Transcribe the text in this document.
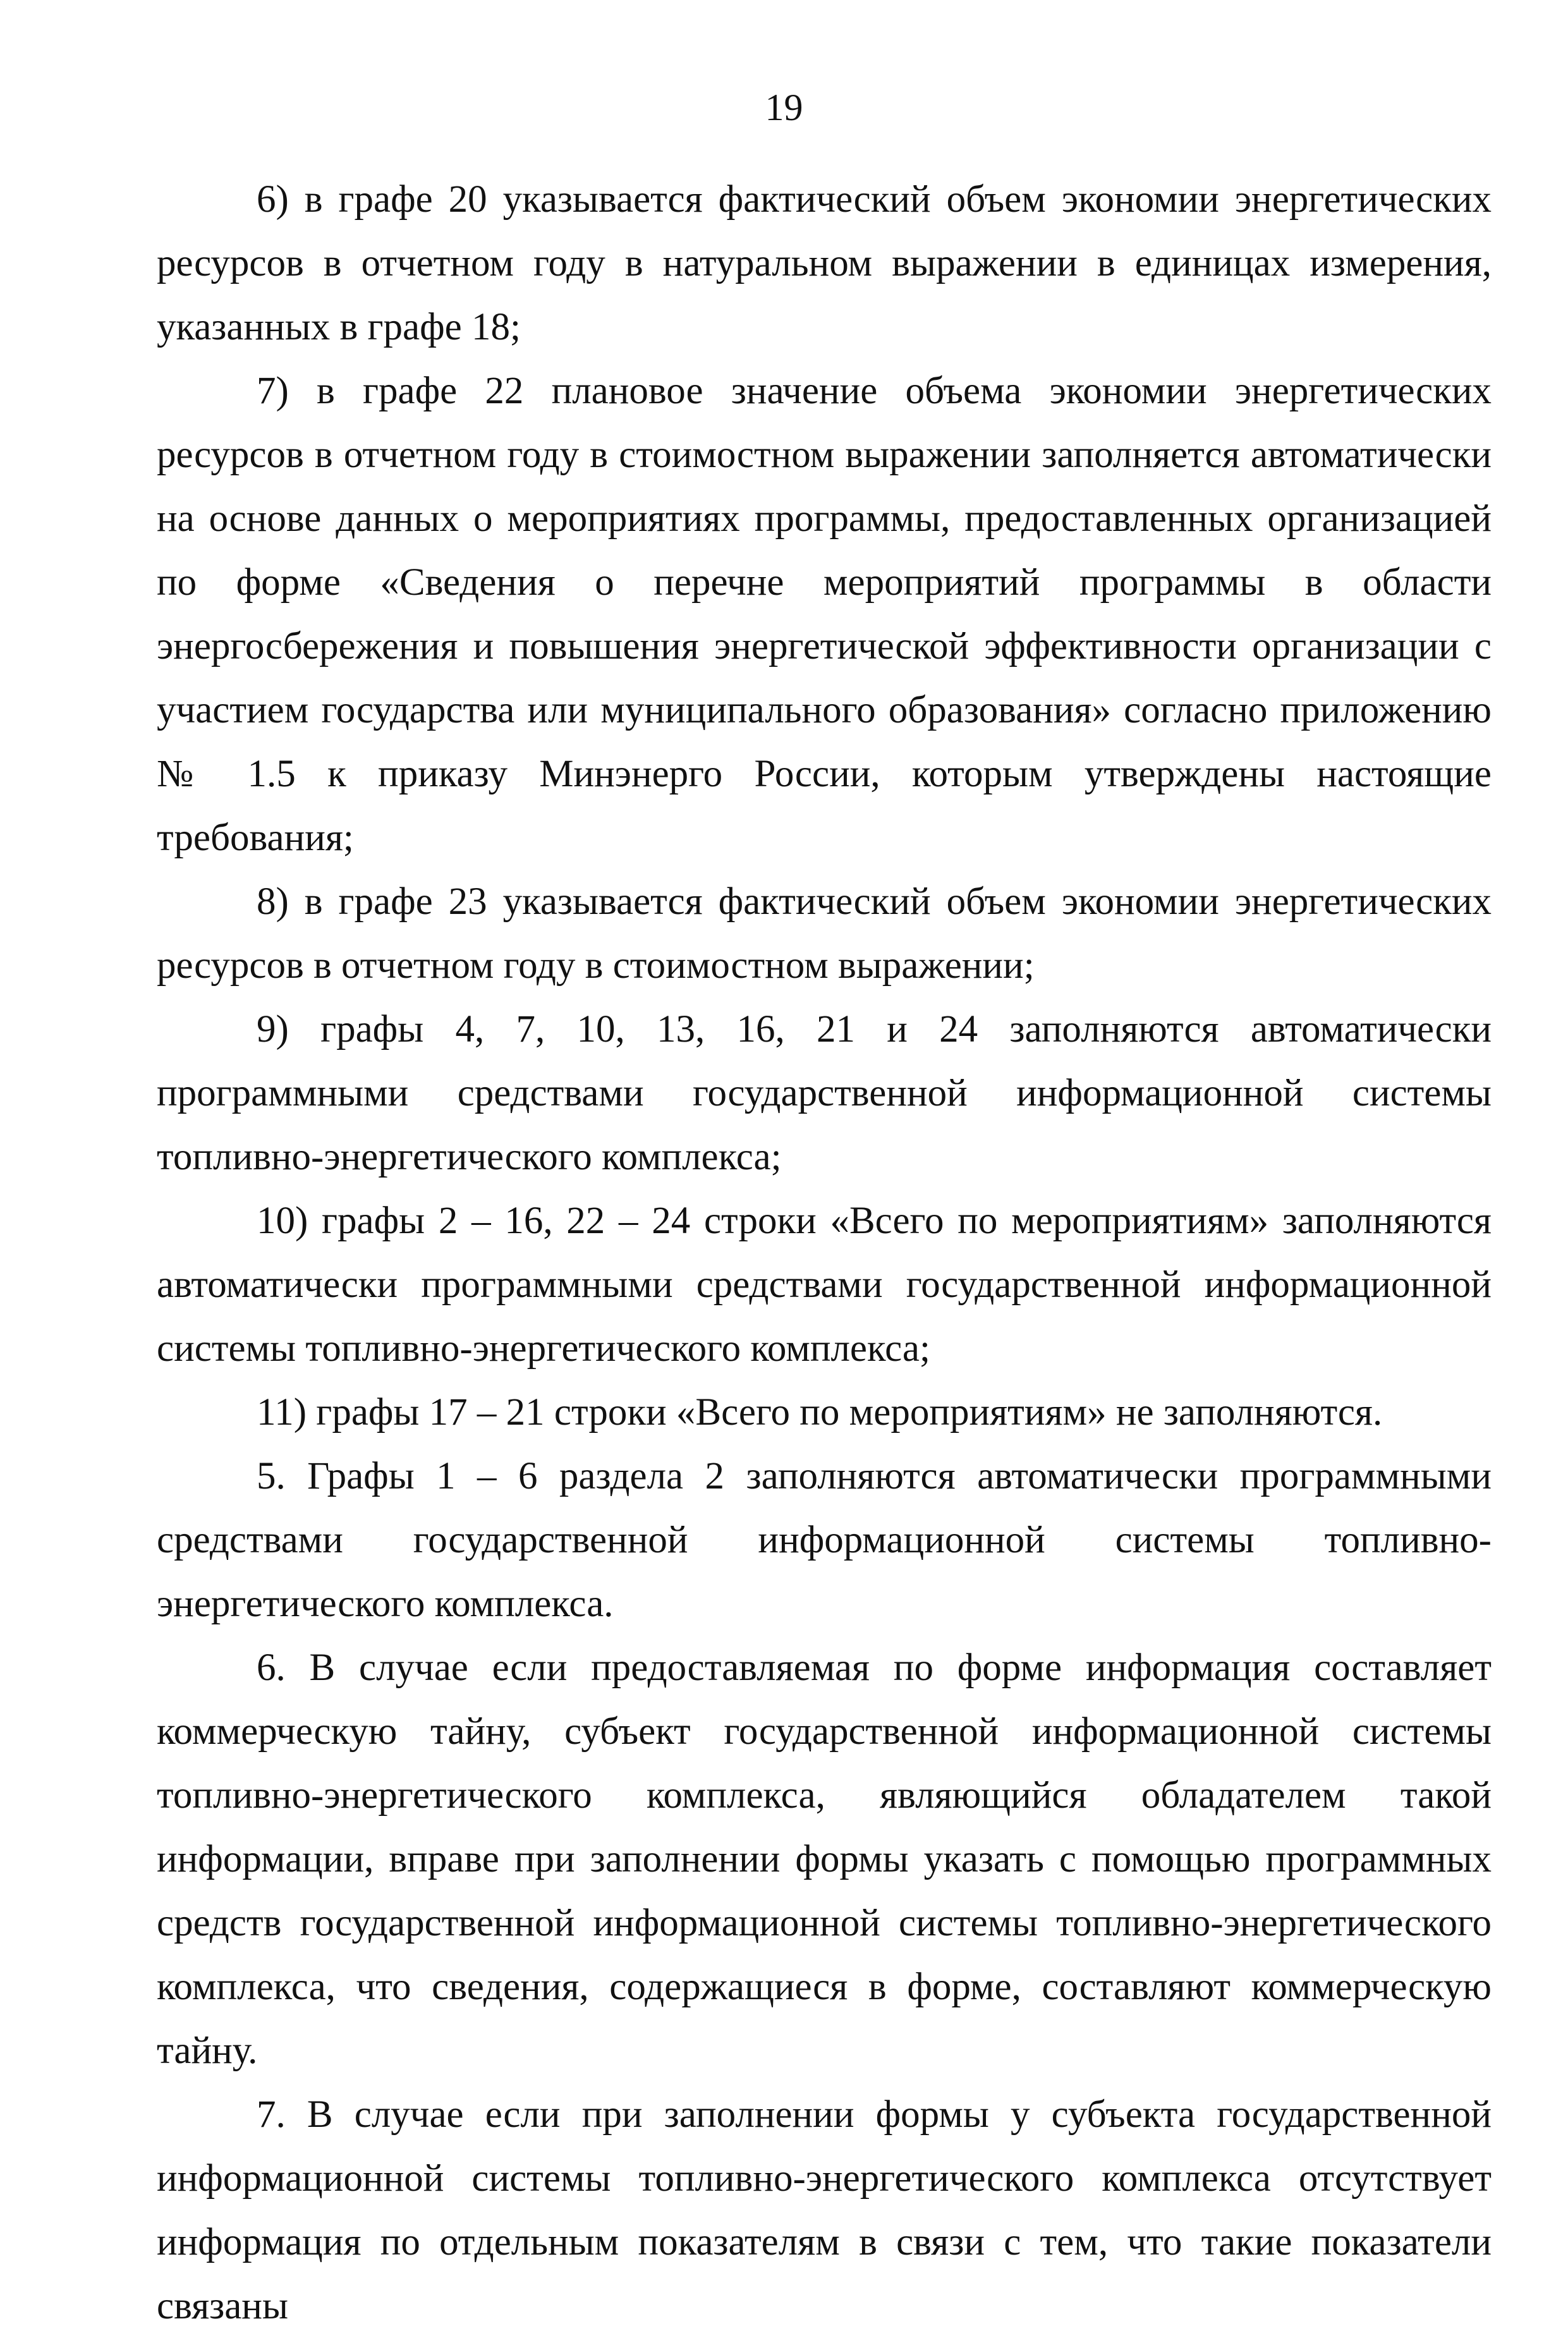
19

6) в графе 20 указывается фактический объем экономии энергетических ресурсов в отчетном году в натуральном выражении в единицах измерения, указанных в графе 18;

7) в графе 22 плановое значение объема экономии энергетических ресурсов в отчетном году в стоимостном выражении заполняется автоматически на основе данных о мероприятиях программы, предоставленных организацией по форме «Сведения о перечне мероприятий программы в области энергосбережения и повышения энергетической эффективности организации с участием государства или муниципального образования» согласно приложению № 1.5 к приказу Минэнерго России, которым утверждены настоящие требования;

8) в графе 23 указывается фактический объем экономии энергетических ресурсов в отчетном году в стоимостном выражении;

9) графы 4, 7, 10, 13, 16, 21 и 24 заполняются автоматически программными средствами государственной информационной системы топливно-энергетического комплекса;

10) графы 2 – 16, 22 – 24 строки «Всего по мероприятиям» заполняются автоматически программными средствами государственной информационной системы топливно-энергетического комплекса;

11) графы 17 – 21 строки «Всего по мероприятиям» не заполняются.

5. Графы 1 – 6 раздела 2 заполняются автоматически программными средствами государственной информационной системы топливно-энергетического комплекса.

6. В случае если предоставляемая по форме информация составляет коммерческую тайну, субъект государственной информационной системы топливно-энергетического комплекса, являющийся обладателем такой информации, вправе при заполнении формы указать с помощью программных средств государственной информационной системы топливно-энергетического комплекса, что сведения, содержащиеся в форме, составляют коммерческую тайну.

7. В случае если при заполнении формы у субъекта государственной информационной системы топливно-энергетического комплекса отсутствует информация по отдельным показателям в связи с тем, что такие показатели связаны
